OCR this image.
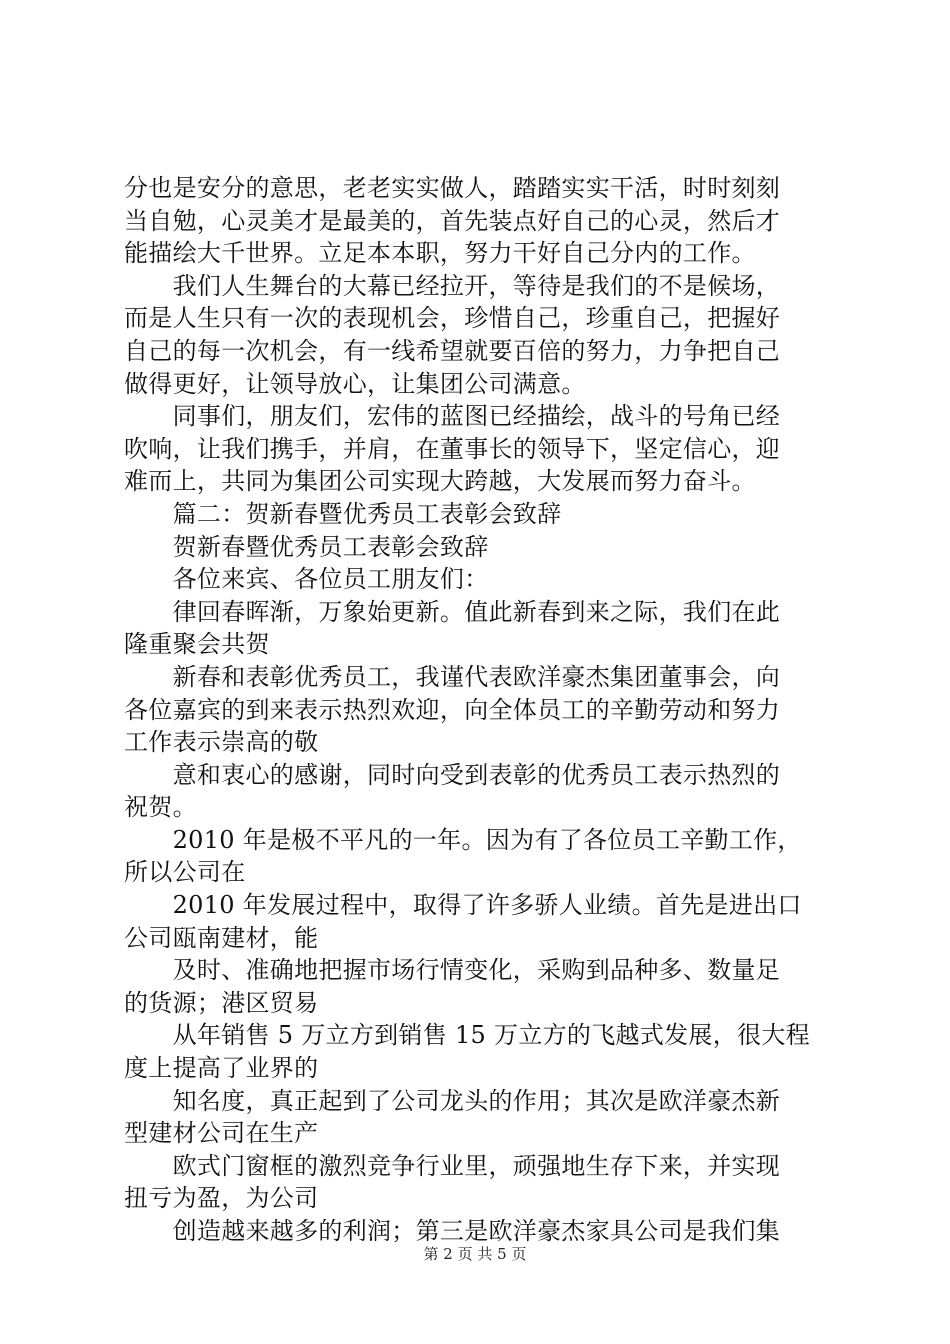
分也是安分的意思，老老实实做人，踏踏实实干活，时时刻刻
当自勉，心灵美才是最美的，首先装点好自己的心灵，然后才
能描绘大千世界。立足本本职，努力干好自己分内的工作。
　　我们人生舞台的大幕已经拉开，等待是我们的不是候场，
而是人生只有一次的表现机会，珍惜自己，珍重自己，把握好
自己的每一次机会，有一线希望就要百倍的努力，力争把自己
做得更好，让领导放心，让集团公司满意。
　　同事们，朋友们，宏伟的蓝图已经描绘，战斗的号角已经
吹响，让我们携手，并肩，在董事长的领导下，坚定信心，迎
难而上，共同为集团公司实现大跨越，大发展而努力奋斗。
　　篇二：贺新春暨优秀员工表彰会致辞
　　贺新春暨优秀员工表彰会致辞
　　各位来宾、各位员工朋友们：
　　律回春晖渐，万象始更新。值此新春到来之际，我们在此
隆重聚会共贺
　　新春和表彰优秀员工，我谨代表欧洋豪杰集团董事会，向
各位嘉宾的到来表示热烈欢迎，向全体员工的辛勤劳动和努力
工作表示崇高的敬
　　意和衷心的感谢，同时向受到表彰的优秀员工表示热烈的
祝贺。
　　2010 年是极不平凡的一年。因为有了各位员工辛勤工作，
所以公司在
　　2010 年发展过程中，取得了许多骄人业绩。首先是进出口
公司瓯南建材，能
　　及时、准确地把握市场行情变化，采购到品种多、数量足
的货源；港区贸易
　　从年销售 5 万立方到销售 15 万立方的飞越式发展，很大程
度上提高了业界的
　　知名度，真正起到了公司龙头的作用；其次是欧洋豪杰新
型建材公司在生产
　　欧式门窗框的激烈竞争行业里，顽强地生存下来，并实现
扭亏为盈，为公司
　　创造越来越多的利润；第三是欧洋豪杰家具公司是我们集
第 2 页 共 5 页
